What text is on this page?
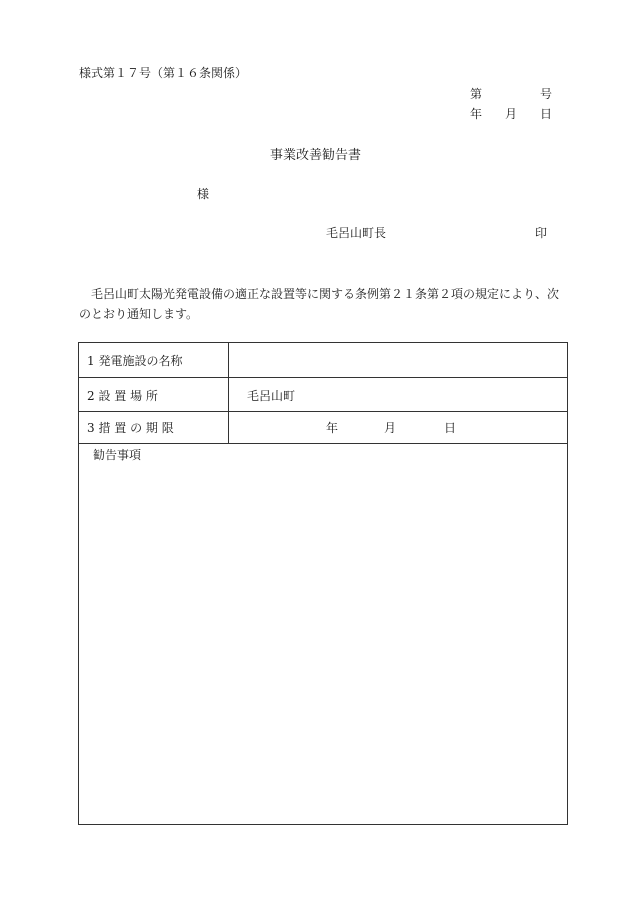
様式第１７号（第１６条関係）
第	号
年 月 日
事業改善勧告書
様
毛呂山町長	印
　毛呂山町太陽光発電設備の適正な設置等に関する条例第２１条第２項の規定により、次
のとおり通知します。
1 発電施設の名称
2 設 置 場 所	毛呂山町
3 措 置 の 期 限	年	月	日
勧告事項
